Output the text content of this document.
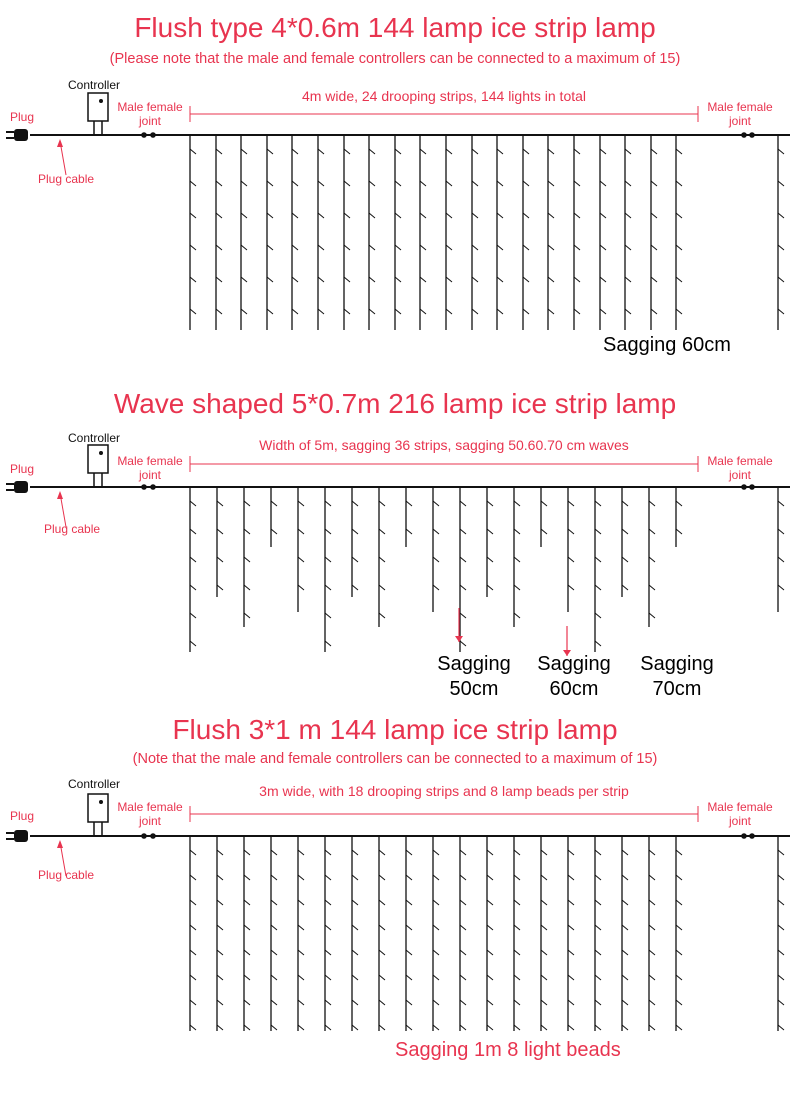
Flush type 4*0.6m 144 lamp ice strip lamp
(Please note that the male and female controllers can be connected to a maximum of 15)
Controller
Plug
Plug cable
Male female
joint
Male female
joint
4m wide, 24 drooping strips, 144 lights in total
Sagging 60cm
Wave shaped 5*0.7m 216 lamp ice strip lamp
Controller
Plug
Plug cable
Male female
joint
Male female
joint
Width of 5m, sagging 36 strips, sagging 50.60.70 cm waves
Sagging
50cm
Sagging
60cm
Sagging
70cm
Flush 3*1 m 144 lamp ice strip lamp
(Note that the male and female controllers can be connected to a maximum of 15)
Controller
Plug
Plug cable
Male female
joint
Male female
joint
3m wide, with 18 drooping strips and 8 lamp beads per strip
Sagging 1m 8 light beads
